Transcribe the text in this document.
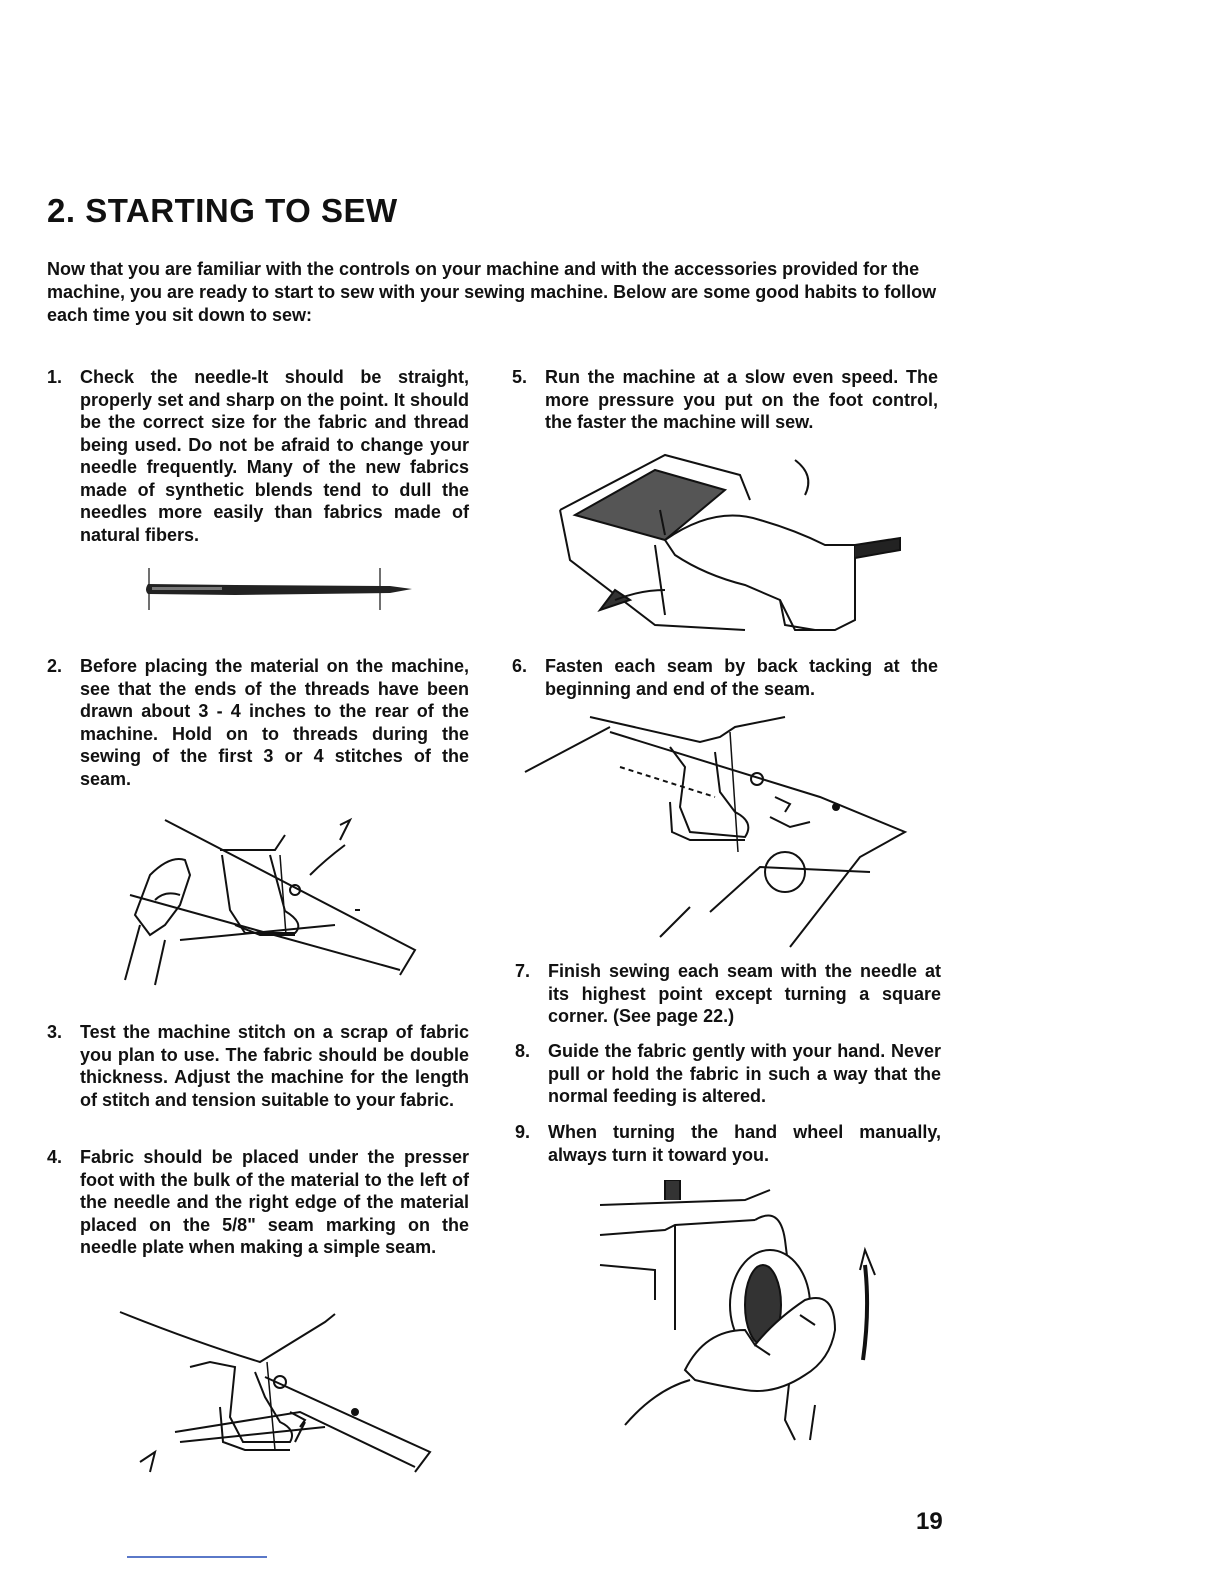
2. STARTING TO SEW

Now that you are familiar with the controls on your machine and with the accessories provided for the machine, you are ready to start to sew with your sewing machine. Below are some good habits to follow each time you sit down to sew:

1. Check the needle-It should be straight, properly set and sharp on the point. It should be the correct size for the fabric and thread being used. Do not be afraid to change your needle frequently. Many of the new fabrics made of synthetic blends tend to dull the needles more easily than fabrics made of natural fibers.
2. Before placing the material on the machine, see that the ends of the threads have been drawn about 3 - 4 inches to the rear of the machine. Hold on to threads during the sewing of the first 3 or 4 stitches of the seam.
3. Test the machine stitch on a scrap of fabric you plan to use. The fabric should be double thickness. Adjust the machine for the length of stitch and tension suitable to your fabric.
4. Fabric should be placed under the presser foot with the bulk of the material to the left of the needle and the right edge of the material placed on the 5/8" seam marking on the needle plate when making a simple seam.
5. Run the machine at a slow even speed. The more pressure you put on the foot control, the faster the machine will sew.
6. Fasten each seam by back tacking at the beginning and end of the seam.
7. Finish sewing each seam with the needle at its highest point except turning a square corner. (See page 22.)
8. Guide the fabric gently with your hand. Never pull or hold the fabric in such a way that the normal feeding is altered.
9. When turning the hand wheel manually, always turn it toward you.
19
